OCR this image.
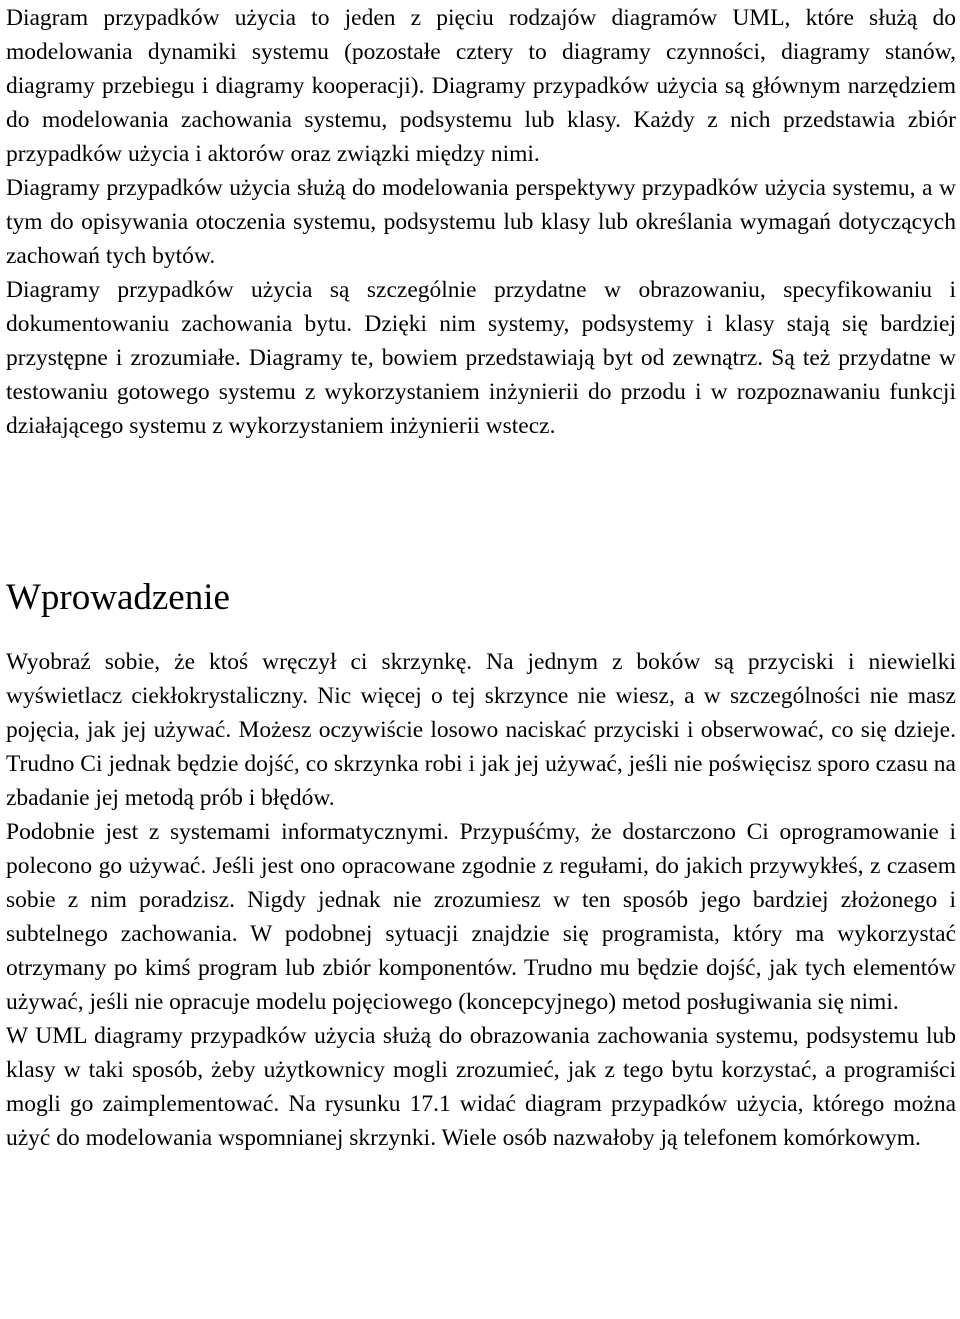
Diagram przypadków użycia to jeden z pięciu rodzajów diagramów UML, które służą do modelowania dynamiki systemu (pozostałe cztery to diagramy czynności, diagramy stanów, diagramy przebiegu i diagramy kooperacji). Diagramy przypadków użycia są głównym narzędziem do modelowania zachowania systemu, podsystemu lub klasy. Każdy z nich przedstawia zbiór przypadków użycia i aktorów oraz związki między nimi.

Diagramy przypadków użycia służą do modelowania perspektywy przypadków użycia systemu, a w tym do opisywania otoczenia systemu, podsystemu lub klasy lub określania wymagań dotyczących zachowań tych bytów.

Diagramy przypadków użycia są szczególnie przydatne w obrazowaniu, specyfikowaniu i dokumentowaniu zachowania bytu. Dzięki nim systemy, podsystemy i klasy stają się bardziej przystępne i zrozumiałe. Diagramy te, bowiem przedstawiają byt od zewnątrz. Są też przydatne w testowaniu gotowego systemu z wykorzystaniem inżynierii do przodu i w rozpoznawaniu funkcji działającego systemu z wykorzystaniem inżynierii wstecz.

Wprowadzenie

Wyobraź sobie, że ktoś wręczył ci skrzynkę. Na jednym z boków są przyciski i niewielki wyświetlacz ciekłokrystaliczny. Nic więcej o tej skrzynce nie wiesz, a w szczególności nie masz pojęcia, jak jej używać. Możesz oczywiście losowo naciskać przyciski i obserwować, co się dzieje. Trudno Ci jednak będzie dojść, co skrzynka robi i jak jej używać, jeśli nie poświęcisz sporo czasu na zbadanie jej metodą prób i błędów.

Podobnie jest z systemami informatycznymi. Przypuśćmy, że dostarczono Ci oprogramowanie i polecono go używać. Jeśli jest ono opracowane zgodnie z regułami, do jakich przywykłeś, z czasem sobie z nim poradzisz. Nigdy jednak nie zrozumiesz w ten sposób jego bardziej złożonego i subtelnego zachowania. W podobnej sytuacji znajdzie się programista, który ma wykorzystać otrzymany po kimś program lub zbiór komponentów. Trudno mu będzie dojść, jak tych elementów używać, jeśli nie opracuje modelu pojęciowego (koncepcyjnego) metod posługiwania się nimi.

W UML diagramy przypadków użycia służą do obrazowania zachowania systemu, podsystemu lub klasy w taki sposób, żeby użytkownicy mogli zrozumieć, jak z tego bytu korzystać, a programiści mogli go zaimplementować. Na rysunku 17.1 widać diagram przypadków użycia, którego można użyć do modelowania wspomnianej skrzynki. Wiele osób nazwałoby ją telefonem komórkowym.
